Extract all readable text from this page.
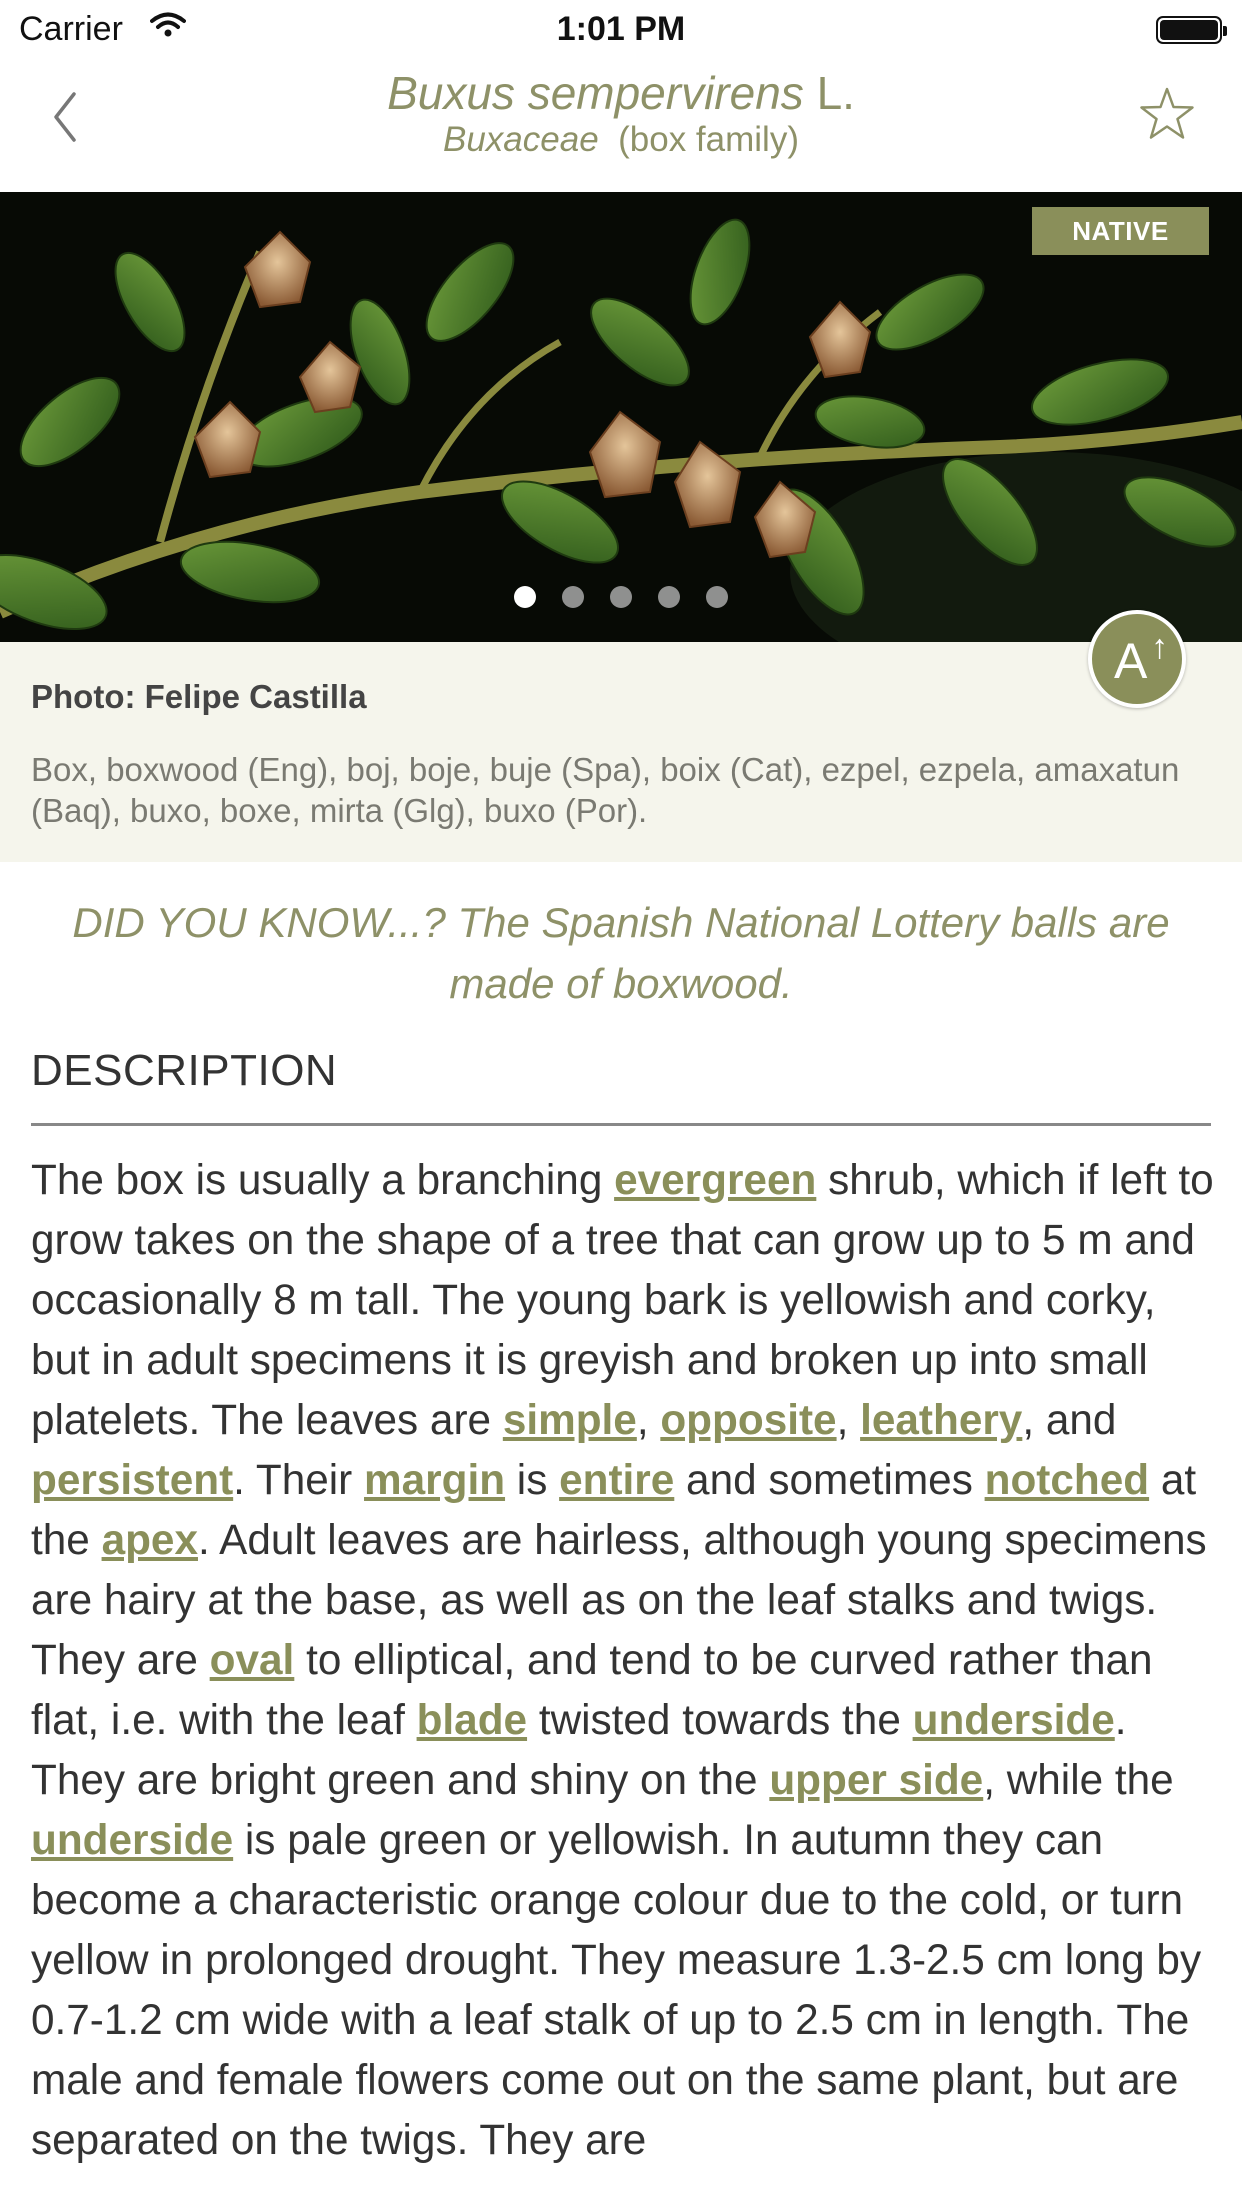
Carrier	1:01 PM
Buxus sempervirens L.
Buxaceae (box family)
NATIVE
Photo: Felipe Castilla
Box, boxwood (Eng), boj, boje, buje (Spa), boix (Cat), ezpel, ezpela, amaxatun (Baq), buxo, boxe, mirta (Glg), buxo (Por).
A ↑
DID YOU KNOW...? The Spanish National Lottery balls are made of boxwood.
DESCRIPTION
The box is usually a branching evergreen shrub, which if left to grow takes on the shape of a tree that can grow up to 5 m and occasionally 8 m tall. The young bark is yellowish and corky, but in adult specimens it is greyish and broken up into small platelets. The leaves are simple, opposite, leathery, and persistent. Their margin is entire and sometimes notched at the apex. Adult leaves are hairless, although young specimens are hairy at the base, as well as on the leaf stalks and twigs. They are oval to elliptical, and tend to be curved rather than flat, i.e. with the leaf blade twisted towards the underside. They are bright green and shiny on the upper side, while the underside is pale green or yellowish. In autumn they can become a characteristic orange colour due to the cold, or turn yellow in prolonged drought. They measure 1.3-2.5 cm long by 0.7-1.2 cm wide with a leaf stalk of up to 2.5 cm in length. The male and female flowers come out on the same plant, but are separated on the twigs. They are
